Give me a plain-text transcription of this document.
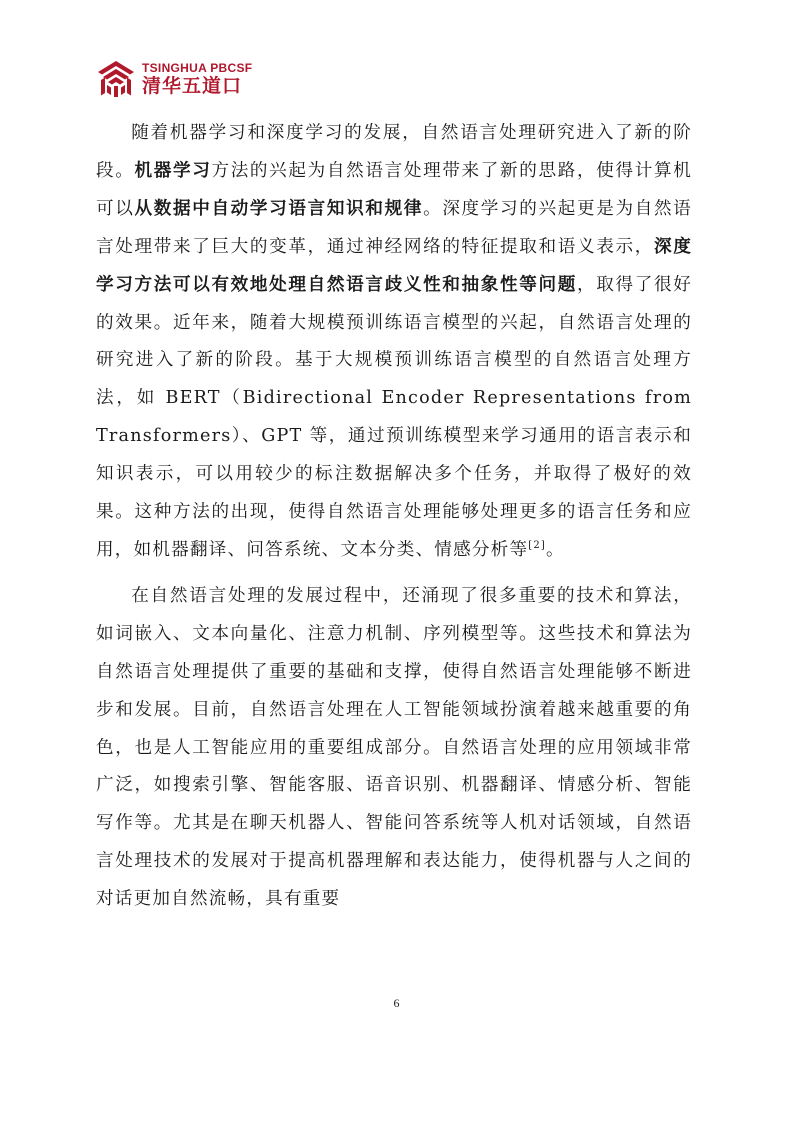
TSINGHUA PBCSF
清华五道口

随着机器学习和深度学习的发展，自然语言处理研究进入了新的阶段。机器学习方法的兴起为自然语言处理带来了新的思路，使得计算机可以从数据中自动学习语言知识和规律。深度学习的兴起更是为自然语言处理带来了巨大的变革，通过神经网络的特征提取和语义表示，深度学习方法可以有效地处理自然语言歧义性和抽象性等问题，取得了很好的效果。近年来，随着大规模预训练语言模型的兴起，自然语言处理的研究进入了新的阶段。基于大规模预训练语言模型的自然语言处理方法，如 BERT（Bidirectional Encoder Representations from Transformers）、GPT 等，通过预训练模型来学习通用的语言表示和知识表示，可以用较少的标注数据解决多个任务，并取得了极好的效果。这种方法的出现，使得自然语言处理能够处理更多的语言任务和应用，如机器翻译、问答系统、文本分类、情感分析等[2]。

在自然语言处理的发展过程中，还涌现了很多重要的技术和算法，如词嵌入、文本向量化、注意力机制、序列模型等。这些技术和算法为自然语言处理提供了重要的基础和支撑，使得自然语言处理能够不断进步和发展。目前，自然语言处理在人工智能领域扮演着越来越重要的角色，也是人工智能应用的重要组成部分。自然语言处理的应用领域非常广泛，如搜索引擎、智能客服、语音识别、机器翻译、情感分析、智能写作等。尤其是在聊天机器人、智能问答系统等人机对话领域，自然语言处理技术的发展对于提高机器理解和表达能力，使得机器与人之间的对话更加自然流畅，具有重要

6
